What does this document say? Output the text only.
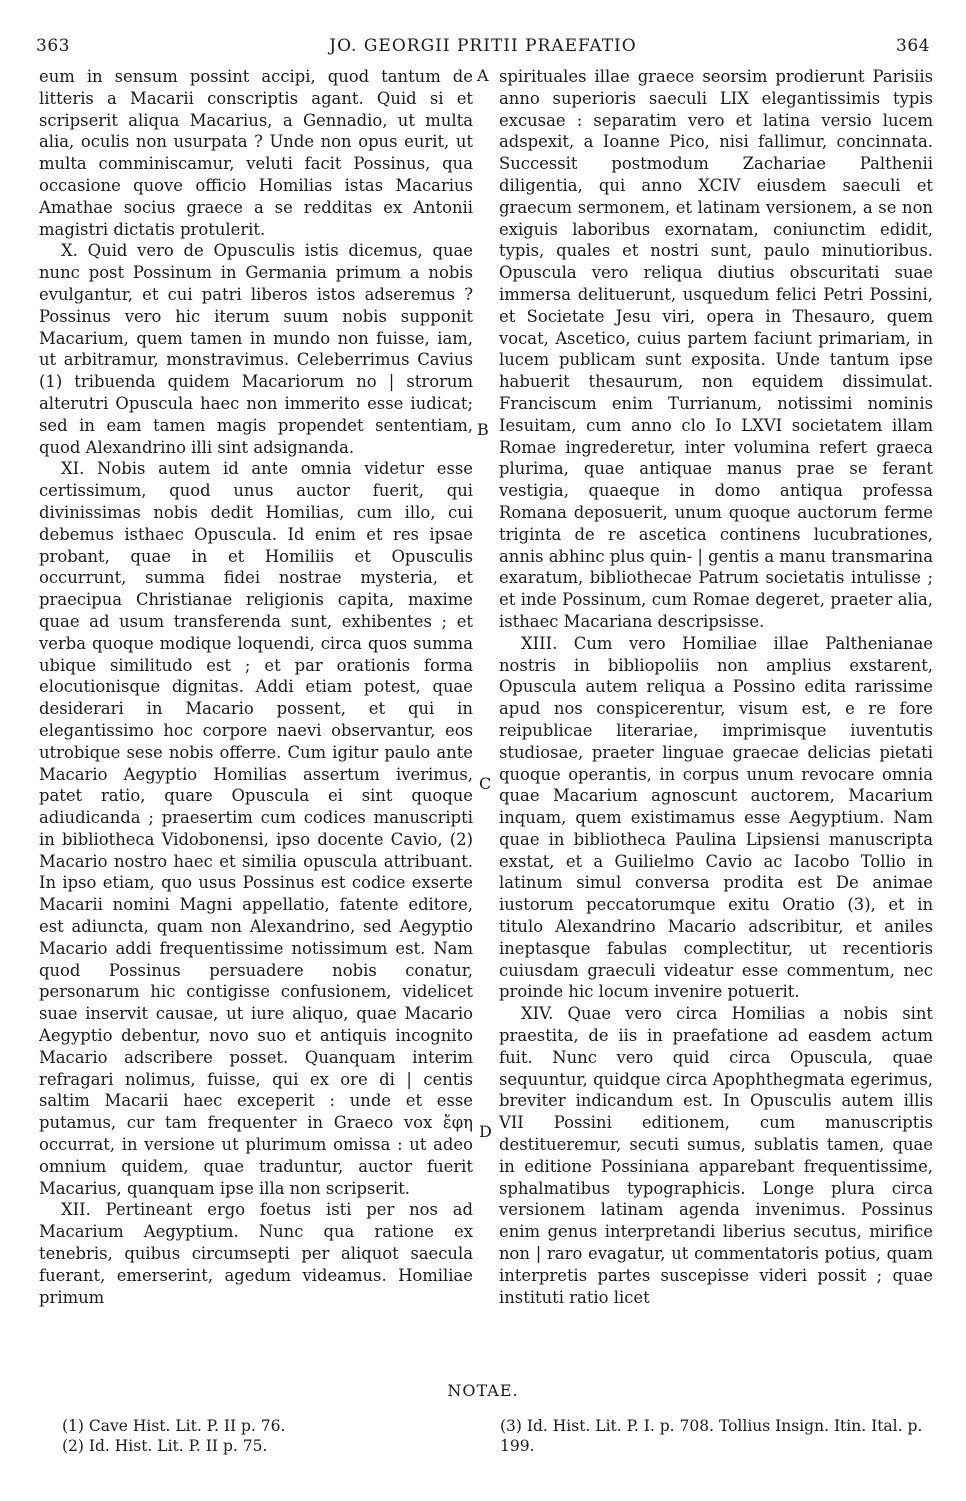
363	JO. GEORGII PRITII PRAEFATIO	364

eum in sensum possint accipi, quod tantum de litteris a Macarii conscriptis agant. Quid si et scripserit aliqua Macarius, a Gennadio, ut multa alia, oculis non usurpata ? Unde non opus eurit, ut multa comminiscamur, veluti facit Possinus, qua occasione quove officio Homilias istas Macarius Amathae socius graece a se redditas ex Antonii magistri dictatis protulerit.

X. Quid vero de Opusculis istis dicemus, quae nunc post Possinum in Germania primum a nobis evulgantur, et cui patri liberos istos adseremus ? Possinus vero hic iterum suum nobis supponit Macarium, quem tamen in mundo non fuisse, iam, ut arbitramur, monstravimus. Celeberrimus Cavius (1) tribuenda quidem Macariorum no | strorum alterutri Opuscula haec non immerito esse iudicat; sed in eam tamen magis propendet sententiam, quod Alexandrino illi sint adsignanda.

XI. Nobis autem id ante omnia videtur esse certissimum, quod unus auctor fuerit, qui divinissimas nobis dedit Homilias, cum illo, cui debemus isthaec Opuscula. Id enim et res ipsae probant, quae in et Homiliis et Opusculis occurrunt, summa fidei nostrae mysteria, et praecipua Christianae religionis capita, maxime quae ad usum transferenda sunt, exhibentes ; et verba quoque modique loquendi, circa quos summa ubique similitudo est ; et par orationis forma elocutionisque dignitas. Addi etiam potest, quae desiderari in Macario possent, et qui in elegantissimo hoc corpore naevi observantur, eos utrobique sese nobis offerre. Cum igitur paulo ante Macario Aegyptio Homilias assertum iverimus, patet ratio, quare Opuscula ei sint quoque adiudicanda ; praesertim cum codices manuscripti in bibliotheca Vidobonensi, ipso docente Cavio, (2) Macario nostro haec et similia opuscula attribuant. In ipso etiam, quo usus Possinus est codice exserte Macarii nomini Magni appellatio, fatente editore, est adiuncta, quam non Alexandrino, sed Aegyptio Macario addi frequentissime notissimum est. Nam quod Possinus persuadere nobis conatur, personarum hic contigisse confusionem, videlicet suae inservit causae, ut iure aliquo, quae Macario Aegyptio debentur, novo suo et antiquis incognito Macario adscribere posset. Quanquam interim refragari nolimus, fuisse, qui ex ore di | centis saltim Macarii haec exceperit : unde et esse putamus, cur tam frequenter in Graeco vox ἔφη occurrat, in versione ut plurimum omissa : ut adeo omnium quidem, quae traduntur, auctor fuerit Macarius, quanquam ipse illa non scripserit.

XII. Pertineant ergo foetus isti per nos ad Macarium Aegyptium. Nunc qua ratione ex tenebris, quibus circumsepti per aliquot saecula fuerant, emerserint, agedum videamus. Homiliae primum

spirituales illae graece seorsim prodierunt Parisiis anno superioris saeculi LIX elegantissimis typis excusae : separatim vero et latina versio lucem adspexit, a Ioanne Pico, nisi fallimur, concinnata. Successit postmodum Zachariae Palthenii diligentia, qui anno XCIV eiusdem saeculi et graecum sermonem, et latinam versionem, a se non exiguis laboribus exornatam, coniunctim edidit, typis, quales et nostri sunt, paulo minutioribus. Opuscula vero reliqua diutius obscuritati suae immersa delituerunt, usquedum felici Petri Possini, et Societate Jesu viri, opera in Thesauro, quem vocat, Ascetico, cuius partem faciunt primariam, in lucem publicam sunt exposita. Unde tantum ipse habuerit thesaurum, non equidem dissimulat. Franciscum enim Turrianum, notissimi nominis Iesuitam, cum anno clo Io LXVI societatem illam Romae ingrederetur, inter volumina refert graeca plurima, quae antiquae manus prae se ferant vestigia, quaeque in domo antiqua professa Romana deposuerit, unum quoque auctorum ferme triginta de re ascetica continens lucubrationes, annis abhinc plus quin- | gentis a manu transmarina exaratum, bibliothecae Patrum societatis intulisse ; et inde Possinum, cum Romae degeret, praeter alia, isthaec Macariana descripsisse.

XIII. Cum vero Homiliae illae Palthenianae nostris in bibliopoliis non amplius exstarent, Opuscula autem reliqua a Possino edita rarissime apud nos conspicerentur, visum est, e re fore reipublicae literariae, imprimisque iuventutis studiosae, praeter linguae graecae delicias pietati quoque operantis, in corpus unum revocare omnia quae Macarium agnoscunt auctorem, Macarium inquam, quem existimamus esse Aegyptium. Nam quae in bibliotheca Paulina Lipsiensi manuscripta exstat, et a Guilielmo Cavio ac Iacobo Tollio in latinum simul conversa prodita est De animae iustorum peccatorumque exitu Oratio (3), et in titulo Alexandrino Macario adscribitur, et aniles ineptasque fabulas complectitur, ut recentioris cuiusdam graeculi videatur esse commentum, nec proinde hic locum invenire potuerit.

XIV. Quae vero circa Homilias a nobis sint praestita, de iis in praefatione ad easdem actum fuit. Nunc vero quid circa Opuscula, quae sequuntur, quidque circa Apophthegmata egerimus, breviter indicandum est. In Opusculis autem illis VII Possini editionem, cum manuscriptis destitueremur, secuti sumus, sublatis tamen, quae in editione Possiniana apparebant frequentissime, sphalmatibus typographicis. Longe plura circa versionem latinam agenda invenimus. Possinus enim genus interpretandi liberius secutus, mirifice non | raro evagatur, ut commentatoris potius, quam interpretis partes suscepisse videri possit ; quae instituti ratio licet

A
B
C
D
NOTAE.
(1) Cave Hist. Lit. P. II p. 76.
(2) Id. Hist. Lit. P. II p. 75.
(3) Id. Hist. Lit. P. I. p. 708. Tollius Insign. Itin. Ital. p. 199.
